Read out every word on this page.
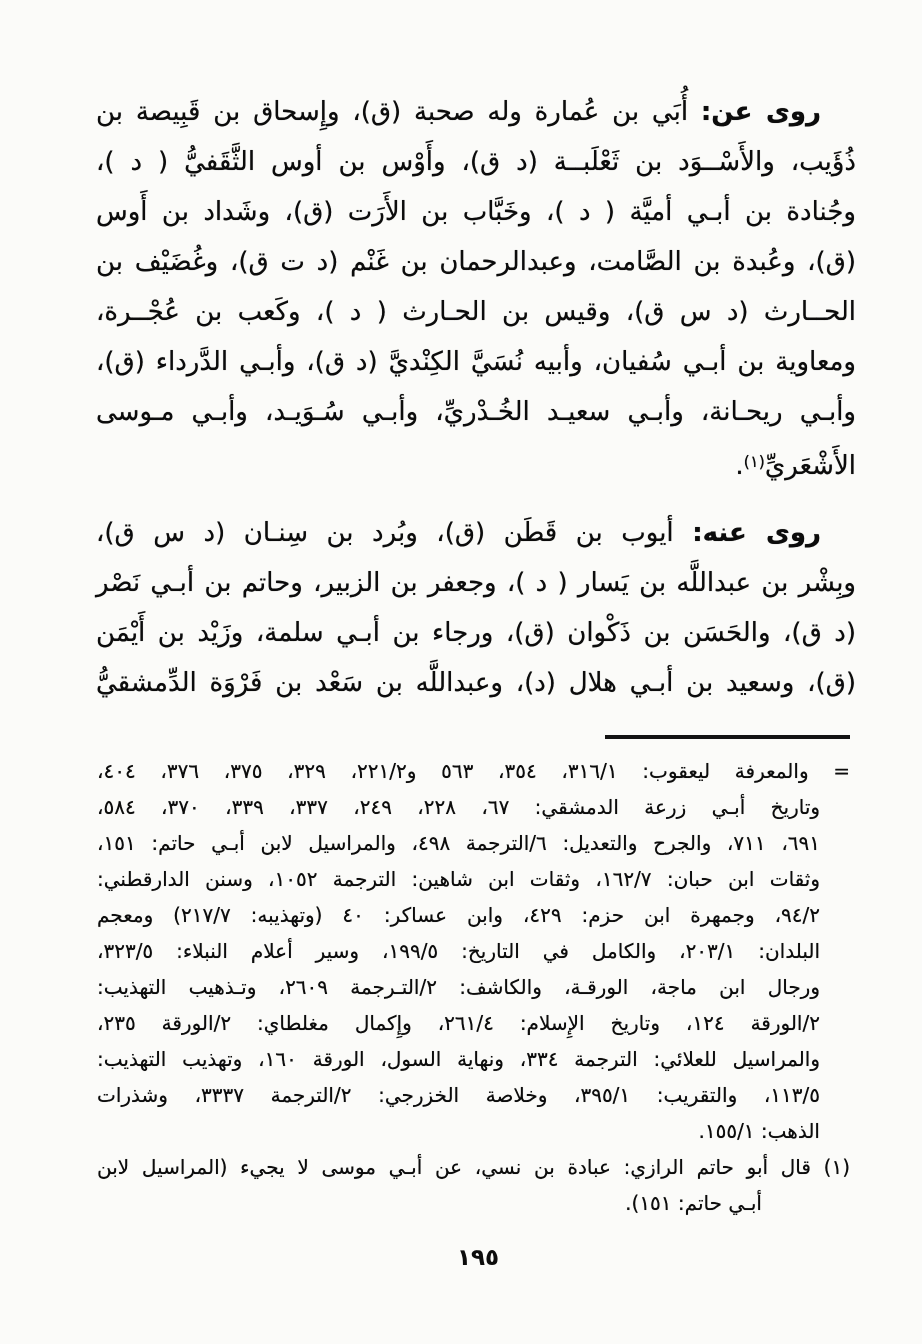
روى عن: أُبَي بن عُمارة وله صحبة (ق)، وإِسحاق بن قَبِيصة بن
ذُؤَيب، والأَسْــوَد بن ثَعْلَبــة (د ق)، وأَوْس بن أوس الثَّقَفيُّ ( د )،
وجُنادة بن أبـي أميَّة ( د )، وخَبَّاب بن الأَرَت (ق)، وشَداد بن أَوس
(ق)، وعُبدة بن الصَّامت، وعبدالرحمان بن غَنْم (د ت ق)، وغُضَيْف بن
الحــارث (د س ق)، وقيس بن الحـارث ( د )، وكَعب بن عُجْــرة،
ومعاوية بن أبـي سُفيان، وأبيه نُسَيَّ الكِنْديَّ (د ق)، وأبـي الدَّرداء (ق)،
وأبـي ريحـانة، وأبـي سعيـد الخُـدْريِّ، وأبـي سُـوَيـد، وأبـي مـوسى
الأَشْعَريِّ$^{(١)}$.
روى عنه: أيوب بن قَطَن (ق)، وبُرد بن سِنـان (د س ق)،
وبِشْر بن عبداللَّه بن يَسار ( د )، وجعفر بن الزبير، وحاتم بن أبـي نَصْر
(د ق)، والحَسَن بن ذَكْوان (ق)، ورجاء بن أبـي سلمة، وزَيْد بن أَيْمَن
(ق)، وسعيد بن أبـي هلال (د)، وعبداللَّه بن سَعْد بن فَرْوَة الدِّمشقيُّ
= والمعرفة ليعقوب: ٣١٦/١، ٣٥٤، ٥٦٣ و٢٢١/٢، ٣٢٩، ٣٧٥، ٣٧٦، ٤٠٤،
وتاريخ أبـي زرعة الدمشقي: ٦٧، ٢٢٨، ٢٤٩، ٣٣٧، ٣٣٩، ٣٧٠، ٥٨٤،
٦٩١، ٧١١، والجرح والتعديل: ٦/الترجمة ٤٩٨، والمراسيل لابن أبـي حاتم: ١٥١،
وثقات ابن حبان: ١٦٢/٧، وثقات ابن شاهين: الترجمة ١٠٥٢، وسنن الدارقطني:
٩٤/٢، وجمهرة ابن حزم: ٤٢٩، وابن عساكر: ٤٠ (وتهذيبه: ٢١٧/٧) ومعجم
البلدان: ٢٠٣/١، والكامل في التاريخ: ١٩٩/٥، وسير أعلام النبلاء: ٣٢٣/٥،
ورجال ابن ماجة، الورقـة، والكاشف: ٢/التـرجمة ٢٦٠٩، وتـذهيب التهذيب:
٢/الورقة ١٢٤، وتاريخ الإِسلام: ٢٦١/٤، وإِكمال مغلطاي: ٢/الورقة ٢٣٥،
والمراسيل للعلائي: الترجمة ٣٣٤، ونهاية السول، الورقة ١٦٠، وتهذيب التهذيب:
١١٣/٥، والتقريب: ٣٩٥/١، وخلاصة الخزرجي: ٢/الترجمة ٣٣٣٧، وشذرات
الذهب: ١٥٥/١.
(١) قال أبو حاتم الرازي: عبادة بن نسي، عن أبـي موسى لا يجيء (المراسيل لابن
أبـي حاتم: ١٥١).
١٩٥
